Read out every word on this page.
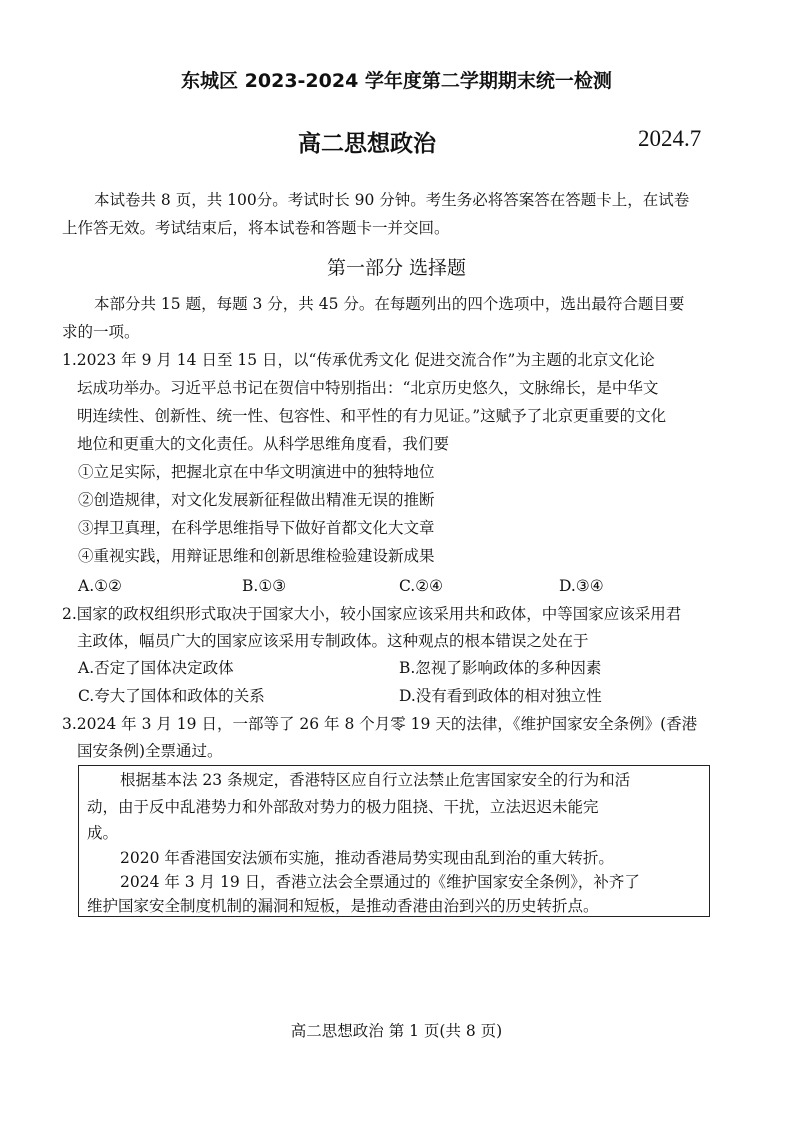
东城区 2023-2024 学年度第二学期期末统一检测
高二思想政治	2024.7
本试卷共 8 页，共 100分。考试时长 90 分钟。考生务必将答案答在答题卡上，在试卷
上作答无效。考试结束后，将本试卷和答题卡一并交回。
第一部分 选择题
本部分共 15 题，每题 3 分，共 45 分。在每题列出的四个选项中，选出最符合题目要
求的一项。
1.2023 年 9 月 14 日至 15 日，以“传承优秀文化 促进交流合作”为主题的北京文化论
坛成功举办。习近平总书记在贺信中特别指出：“北京历史悠久，文脉绵长，是中华文
明连续性、创新性、统一性、包容性、和平性的有力见证。”这赋予了北京更重要的文化
地位和更重大的文化责任。从科学思维角度看，我们要
①立足实际，把握北京在中华文明演进中的独特地位
②创造规律，对文化发展新征程做出精准无误的推断
③捍卫真理，在科学思维指导下做好首都文化大文章
④重视实践，用辩证思维和创新思维检验建设新成果
A.①②	B.①③	C.②④	D.③④
2.国家的政权组织形式取决于国家大小，较小国家应该采用共和政体，中等国家应该采用君
主政体，幅员广大的国家应该采用专制政体。这种观点的根本错误之处在于
A.否定了国体决定政体	B.忽视了影响政体的多种因素
C.夸大了国体和政体的关系	D.没有看到政体的相对独立性
3.2024 年 3 月 19 日，一部等了 26 年 8 个月零 19 天的法律，《维护国家安全条例》(香港
国安条例)全票通过。
根据基本法 23 条规定，香港特区应自行立法禁止危害国家安全的行为和活
动，由于反中乱港势力和外部敌对势力的极力阻挠、干扰，立法迟迟未能完
成。
2020 年香港国安法颁布实施，推动香港局势实现由乱到治的重大转折。
2024 年 3 月 19 日，香港立法会全票通过的《维护国家安全条例》，补齐了
维护国家安全制度机制的漏洞和短板，是推动香港由治到兴的历史转折点。
高二思想政治 第 1 页(共 8 页)
